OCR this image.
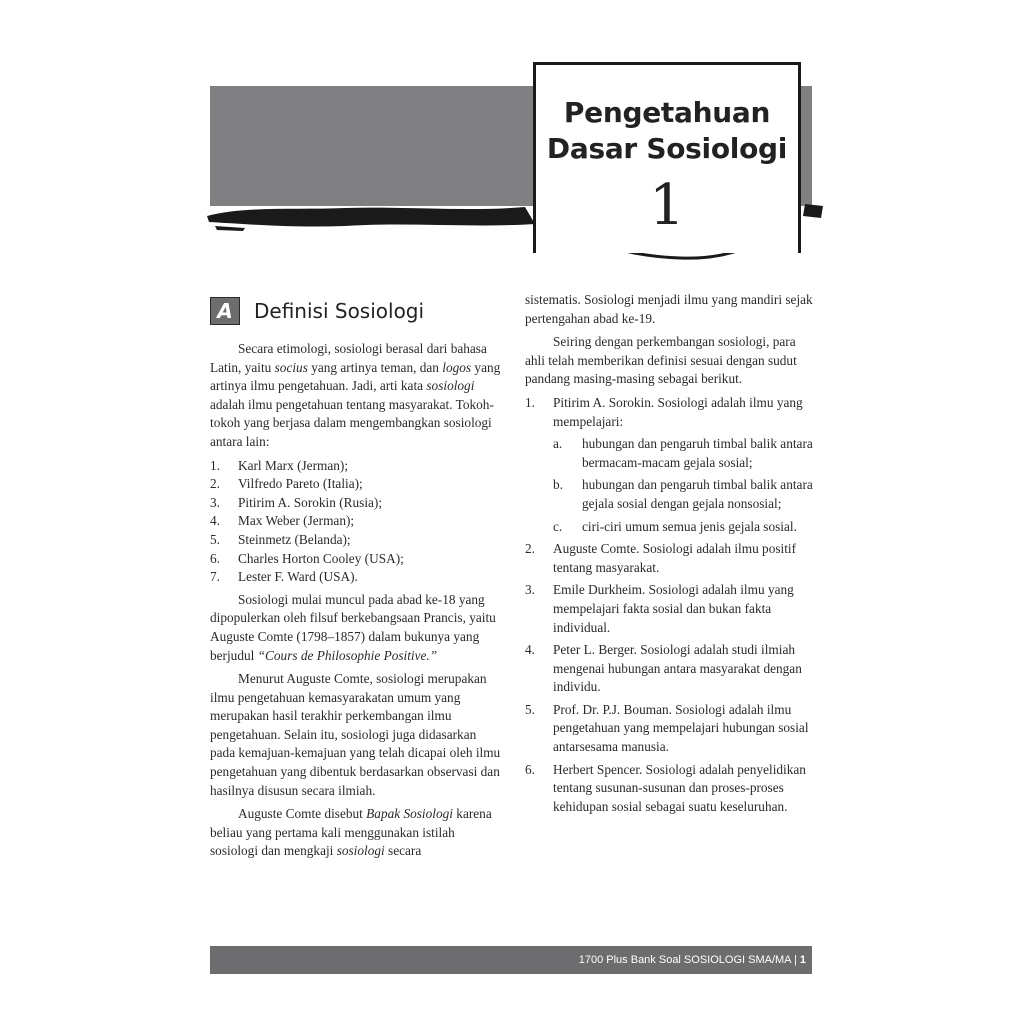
Pengetahuan
Dasar Sosiologi
1
A	Definisi Sosiologi

Secara etimologi, sosiologi berasal dari bahasa Latin, yaitu socius yang artinya teman, dan logos yang artinya ilmu pengetahuan. Jadi, arti kata sosiologi adalah ilmu pengetahuan tentang masyarakat. Tokoh-tokoh yang berjasa dalam mengembangkan sosiologi antara lain:

1. Karl Marx (Jerman);
2. Vilfredo Pareto (Italia);
3. Pitirim A. Sorokin (Rusia);
4. Max Weber (Jerman);
5. Steinmetz (Belanda);
6. Charles Horton Cooley (USA);
7. Lester F. Ward (USA).

Sosiologi mulai muncul pada abad ke-18 yang dipopulerkan oleh filsuf berkebangsaan Prancis, yaitu Auguste Comte (1798–1857) dalam bukunya yang berjudul “Cours de Philosophie Positive.”

Menurut Auguste Comte, sosiologi merupakan ilmu pengetahuan kemasyarakatan umum yang merupakan hasil terakhir perkembangan ilmu pengetahuan. Selain itu, sosiologi juga didasarkan pada kemajuan-kemajuan yang telah dicapai oleh ilmu pengetahuan yang dibentuk berdasarkan observasi dan hasilnya disusun secara ilmiah.

Auguste Comte disebut Bapak Sosiologi karena beliau yang pertama kali menggunakan istilah sosiologi dan mengkaji sosiologi secara

sistematis. Sosiologi menjadi ilmu yang mandiri sejak pertengahan abad ke-19.

Seiring dengan perkembangan sosiologi, para ahli telah memberikan definisi sesuai dengan sudut pandang masing-masing sebagai berikut.

1. Pitirim A. Sorokin. Sosiologi adalah ilmu yang mempelajari:
a. hubungan dan pengaruh timbal balik antara bermacam-macam gejala sosial;
b. hubungan dan pengaruh timbal balik antara gejala sosial dengan gejala nonsosial;
c. ciri-ciri umum semua jenis gejala sosial.
2. Auguste Comte. Sosiologi adalah ilmu positif tentang masyarakat.
3. Emile Durkheim. Sosiologi adalah ilmu yang mempelajari fakta sosial dan bukan fakta individual.
4. Peter L. Berger. Sosiologi adalah studi ilmiah mengenai hubungan antara masyarakat dengan individu.
5. Prof. Dr. P.J. Bouman. Sosiologi adalah ilmu pengetahuan yang mempelajari hubungan sosial antarsesama manusia.
6. Herbert Spencer. Sosiologi adalah penyelidikan tentang susunan-susunan dan proses-proses kehidupan sosial sebagai suatu keseluruhan.
1700 Plus Bank Soal SOSIOLOGI SMA/MA | 1
